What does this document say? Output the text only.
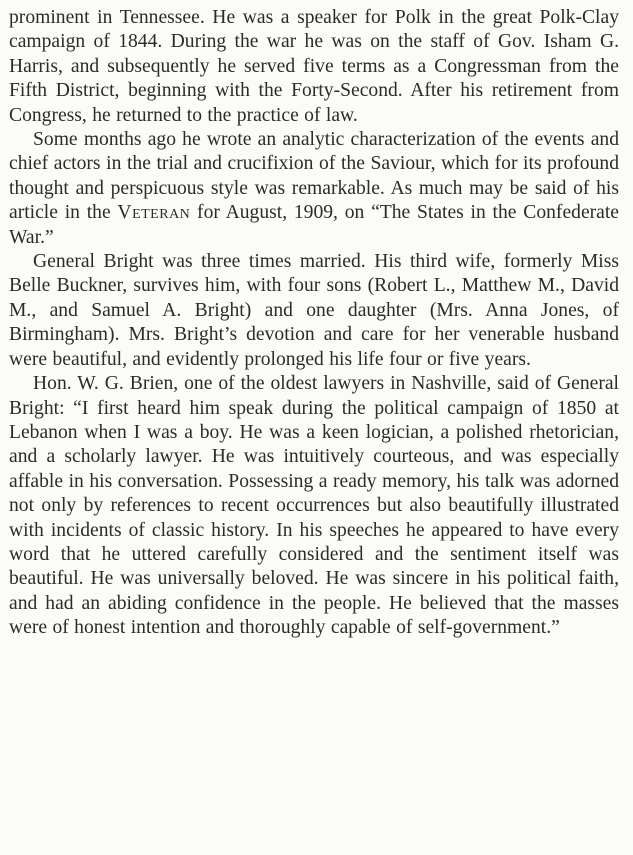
prominent in Tennessee. He was a speaker for Polk in the great Polk-Clay campaign of 1844. During the war he was on the staff of Gov. Isham G. Harris, and subsequently he served five terms as a Congressman from the Fifth District, beginning with the Forty-Second. After his retirement from Congress, he returned to the practice of law.

Some months ago he wrote an analytic characterization of the events and chief actors in the trial and crucifixion of the Saviour, which for its profound thought and perspicuous style was remarkable. As much may be said of his article in the Veteran for August, 1909, on “The States in the Confederate War.”

General Bright was three times married. His third wife, formerly Miss Belle Buckner, survives him, with four sons (Robert L., Matthew M., David M., and Samuel A. Bright) and one daughter (Mrs. Anna Jones, of Birmingham). Mrs. Bright’s devotion and care for her venerable husband were beautiful, and evidently prolonged his life four or five years.

Hon. W. G. Brien, one of the oldest lawyers in Nashville, said of General Bright: “I first heard him speak during the political campaign of 1850 at Lebanon when I was a boy. He was a keen logician, a polished rhetorician, and a scholarly lawyer. He was intuitively courteous, and was especially affable in his conversation. Possessing a ready memory, his talk was adorned not only by references to recent occurrences but also beautifully illustrated with incidents of classic history. In his speeches he appeared to have every word that he uttered carefully considered and the sentiment itself was beautiful. He was universally beloved. He was sincere in his political faith, and had an abiding confidence in the people. He believed that the masses were of honest intention and thoroughly capable of self-government.”
